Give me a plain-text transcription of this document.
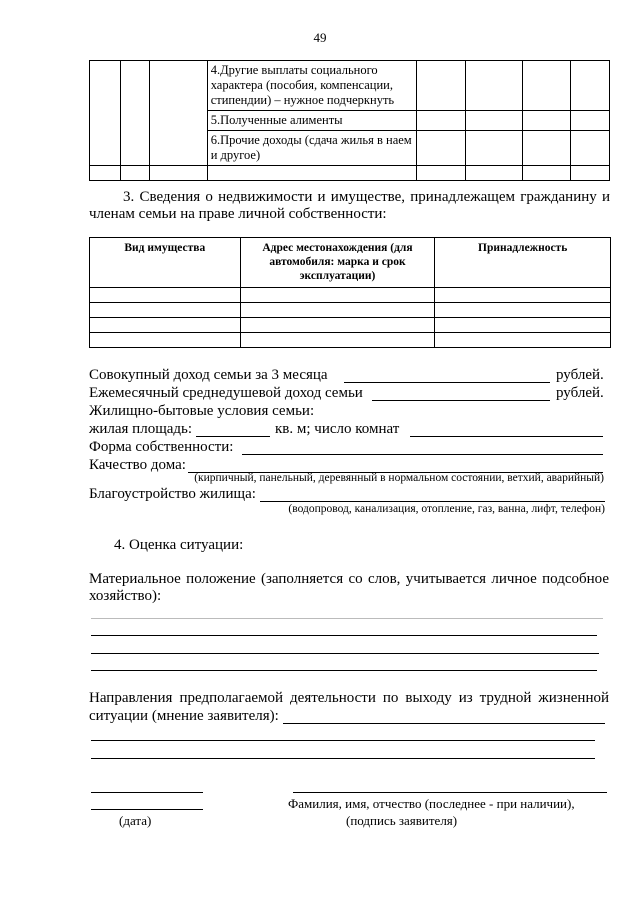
49
			4.Другие выплаты социального характера (пособия, компенсации, стипендии) – нужное подчеркнуть				
			5.Полученные алименты				
			6.Прочие доходы (сдача жилья в наем и другое)				

3. Сведения о недвижимости и имуществе, принадлежащем гражданину и членам семьи на праве личной собственности:
Вид имущества	Адрес местонахождения (для автомобиля: марка и срок эксплуатации)	Принадлежность

Совокупный доход семьи за 3 месяца	рублей.
Ежемесячный среднедушевой доход семьи	рублей.
Жилищно-бытовые условия семьи:
жилая площадь:	кв. м; число комнат
Форма собственности:
Качество дома:
(кирпичный, панельный, деревянный в нормальном состоянии, ветхий, аварийный)
Благоустройство жилища:
(водопровод, канализация, отопление, газ, ванна, лифт, телефон)
4. Оценка ситуации:
Материальное положение (заполняется со слов, учитывается личное подсобное хозяйство):
Направления предполагаемой деятельности по выходу из трудной жизненной
ситуации (мнение заявителя):
Фамилия, имя, отчество (последнее - при наличии),
(дата)	(подпись заявителя)
